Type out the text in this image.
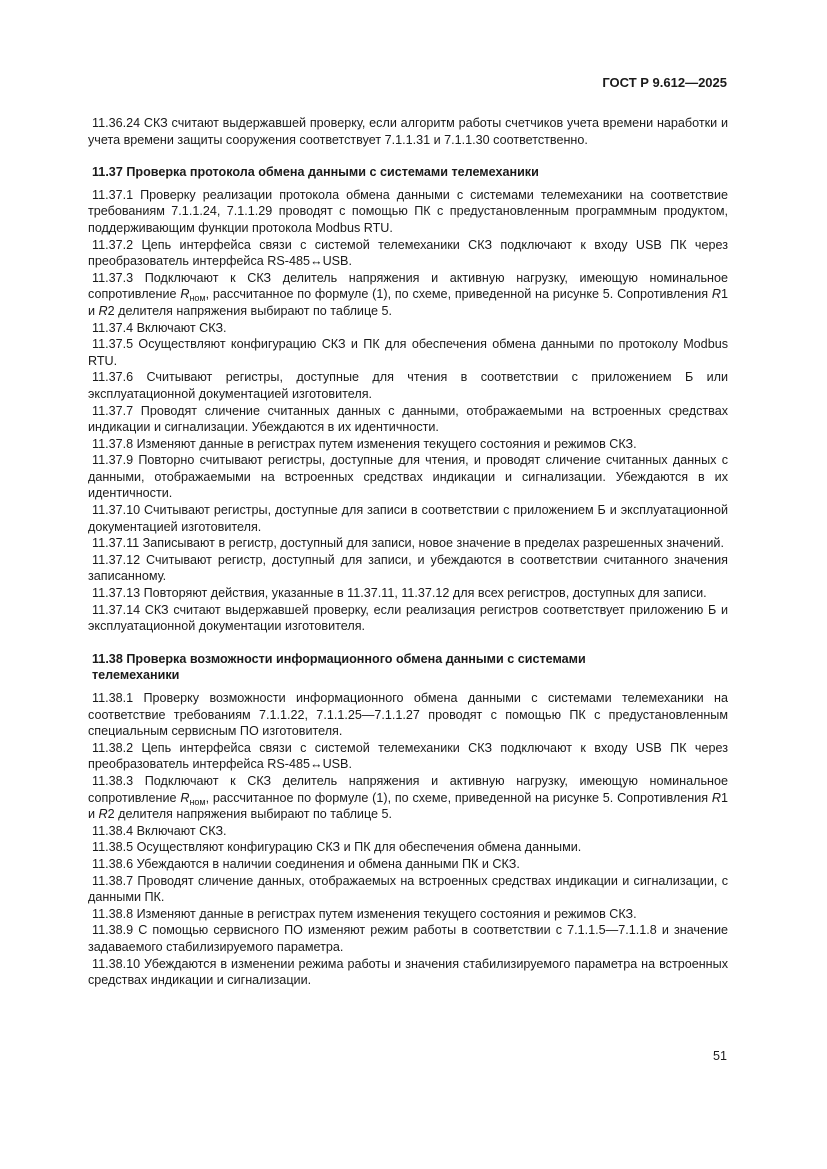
ГОСТ Р 9.612—2025

11.36.24 СКЗ считают выдержавшей проверку, если алгоритм работы счетчиков учета времени наработки и учета времени защиты сооружения соответствует 7.1.1.31 и 7.1.1.30 соответственно.

11.37 Проверка протокола обмена данными с системами телемеханики

11.37.1 Проверку реализации протокола обмена данными с системами телемеханики на соответствие требованиям 7.1.1.24, 7.1.1.29 проводят с помощью ПК с предустановленным программным продуктом, поддерживающим функции протокола Modbus RTU.

11.37.2 Цепь интерфейса связи с системой телемеханики СКЗ подключают к входу USB ПК через преобразователь интерфейса RS-485↔USB.

11.37.3 Подключают к СКЗ делитель напряжения и активную нагрузку, имеющую номинальное сопротивление $R_{ном}$, рассчитанное по формуле (1), по схеме, приведенной на рисунке 5. Сопротивления R1 и R2 делителя напряжения выбирают по таблице 5.

11.37.4 Включают СКЗ.

11.37.5 Осуществляют конфигурацию СКЗ и ПК для обеспечения обмена данными по протоколу Modbus RTU.

11.37.6 Считывают регистры, доступные для чтения в соответствии с приложением Б или эксплуатационной документацией изготовителя.

11.37.7 Проводят сличение считанных данных с данными, отображаемыми на встроенных средствах индикации и сигнализации. Убеждаются в их идентичности.

11.37.8 Изменяют данные в регистрах путем изменения текущего состояния и режимов СКЗ.

11.37.9 Повторно считывают регистры, доступные для чтения, и проводят сличение считанных данных с данными, отображаемыми на встроенных средствах индикации и сигнализации. Убеждаются в их идентичности.

11.37.10 Считывают регистры, доступные для записи в соответствии с приложением Б и эксплуатационной документацией изготовителя.

11.37.11 Записывают в регистр, доступный для записи, новое значение в пределах разрешенных значений.

11.37.12 Считывают регистр, доступный для записи, и убеждаются в соответствии считанного значения записанному.

11.37.13 Повторяют действия, указанные в 11.37.11, 11.37.12 для всех регистров, доступных для записи.

11.37.14 СКЗ считают выдержавшей проверку, если реализация регистров соответствует приложению Б и эксплуатационной документации изготовителя.

11.38 Проверка возможности информационного обмена данными с системами
телемеханики

11.38.1 Проверку возможности информационного обмена данными с системами телемеханики на соответствие требованиям 7.1.1.22, 7.1.1.25—7.1.1.27 проводят с помощью ПК с предустановленным специальным сервисным ПО изготовителя.

11.38.2 Цепь интерфейса связи с системой телемеханики СКЗ подключают к входу USB ПК через преобразователь интерфейса RS-485↔USB.

11.38.3 Подключают к СКЗ делитель напряжения и активную нагрузку, имеющую номинальное сопротивление $R_{ном}$, рассчитанное по формуле (1), по схеме, приведенной на рисунке 5. Сопротивления R1 и R2 делителя напряжения выбирают по таблице 5.

11.38.4 Включают СКЗ.

11.38.5 Осуществляют конфигурацию СКЗ и ПК для обеспечения обмена данными.

11.38.6 Убеждаются в наличии соединения и обмена данными ПК и СКЗ.

11.38.7 Проводят сличение данных, отображаемых на встроенных средствах индикации и сигнализации, с данными ПК.

11.38.8 Изменяют данные в регистрах путем изменения текущего состояния и режимов СКЗ.

11.38.9 С помощью сервисного ПО изменяют режим работы в соответствии с 7.1.1.5—7.1.1.8 и значение задаваемого стабилизируемого параметра.

11.38.10 Убеждаются в изменении режима работы и значения стабилизируемого параметра на встроенных средствах индикации и сигнализации.

51
